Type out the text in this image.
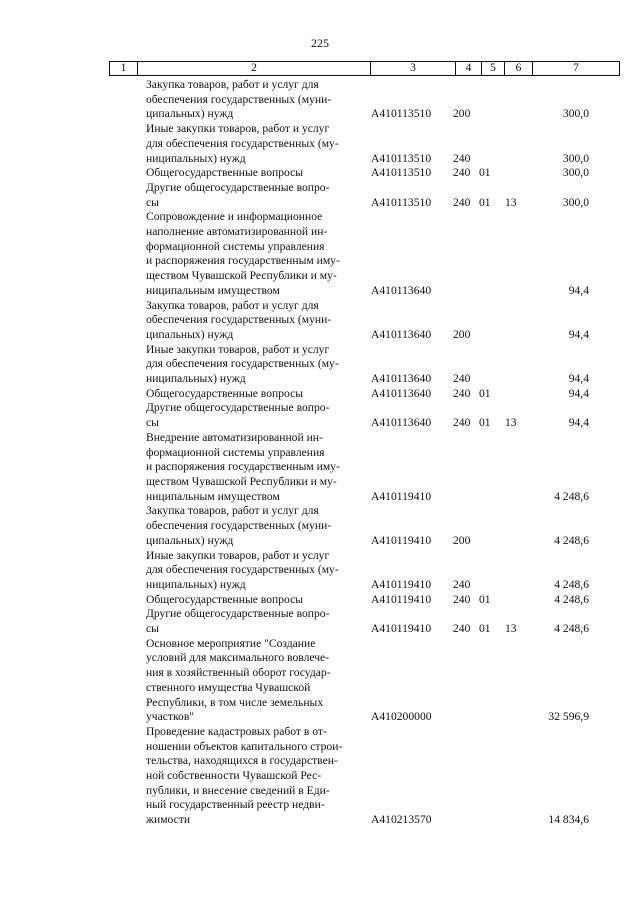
225
1	2	3	4	5	6	7
Закупка товаров, работ и услуг для
обеспечения государственных (муни-
ципальных) нужд	А410113510 200	300,0
Иные закупки товаров, работ и услуг
для обеспечения государственных (му-
ниципальных) нужд	А410113510 240	300,0
Общегосударственные вопросы	А410113510 240 01	300,0
Другие общегосударственные вопро-
сы	А410113510 240 01 13	300,0
Сопровождение и информационное
наполнение автоматизированной ин-
формационной системы управления
и распоряжения государственным иму-
ществом Чувашской Республики и му-
ниципальным имуществом	А410113640	94,4
Закупка товаров, работ и услуг для
обеспечения государственных (муни-
ципальных) нужд	А410113640 200	94,4
Иные закупки товаров, работ и услуг
для обеспечения государственных (му-
ниципальных) нужд	А410113640 240	94,4
Общегосударственные вопросы	А410113640 240 01	94,4
Другие общегосударственные вопро-
сы	А410113640 240 01 13	94,4
Внедрение автоматизированной ин-
формационной системы управления
и распоряжения государственным иму-
ществом Чувашской Республики и му-
ниципальным имуществом	А410119410	4 248,6
Закупка товаров, работ и услуг для
обеспечения государственных (муни-
ципальных) нужд	А410119410 200	4 248,6
Иные закупки товаров, работ и услуг
для обеспечения государственных (му-
ниципальных) нужд	А410119410 240	4 248,6
Общегосударственные вопросы	А410119410 240 01	4 248,6
Другие общегосударственные вопро-
сы	А410119410 240 01 13	4 248,6
Основное мероприятие "Создание
условий для максимального вовлече-
ния в хозяйственный оборот государ-
ственного имущества Чувашской
Республики, в том числе земельных
участков"	А410200000	32 596,9
Проведение кадастровых работ в от-
ношении объектов капитального строи-
тельства, находящихся в государствен-
ной собственности Чувашской Рес-
публики, и внесение сведений в Еди-
ный государственный реестр недви-
жимости	А410213570	14 834,6
